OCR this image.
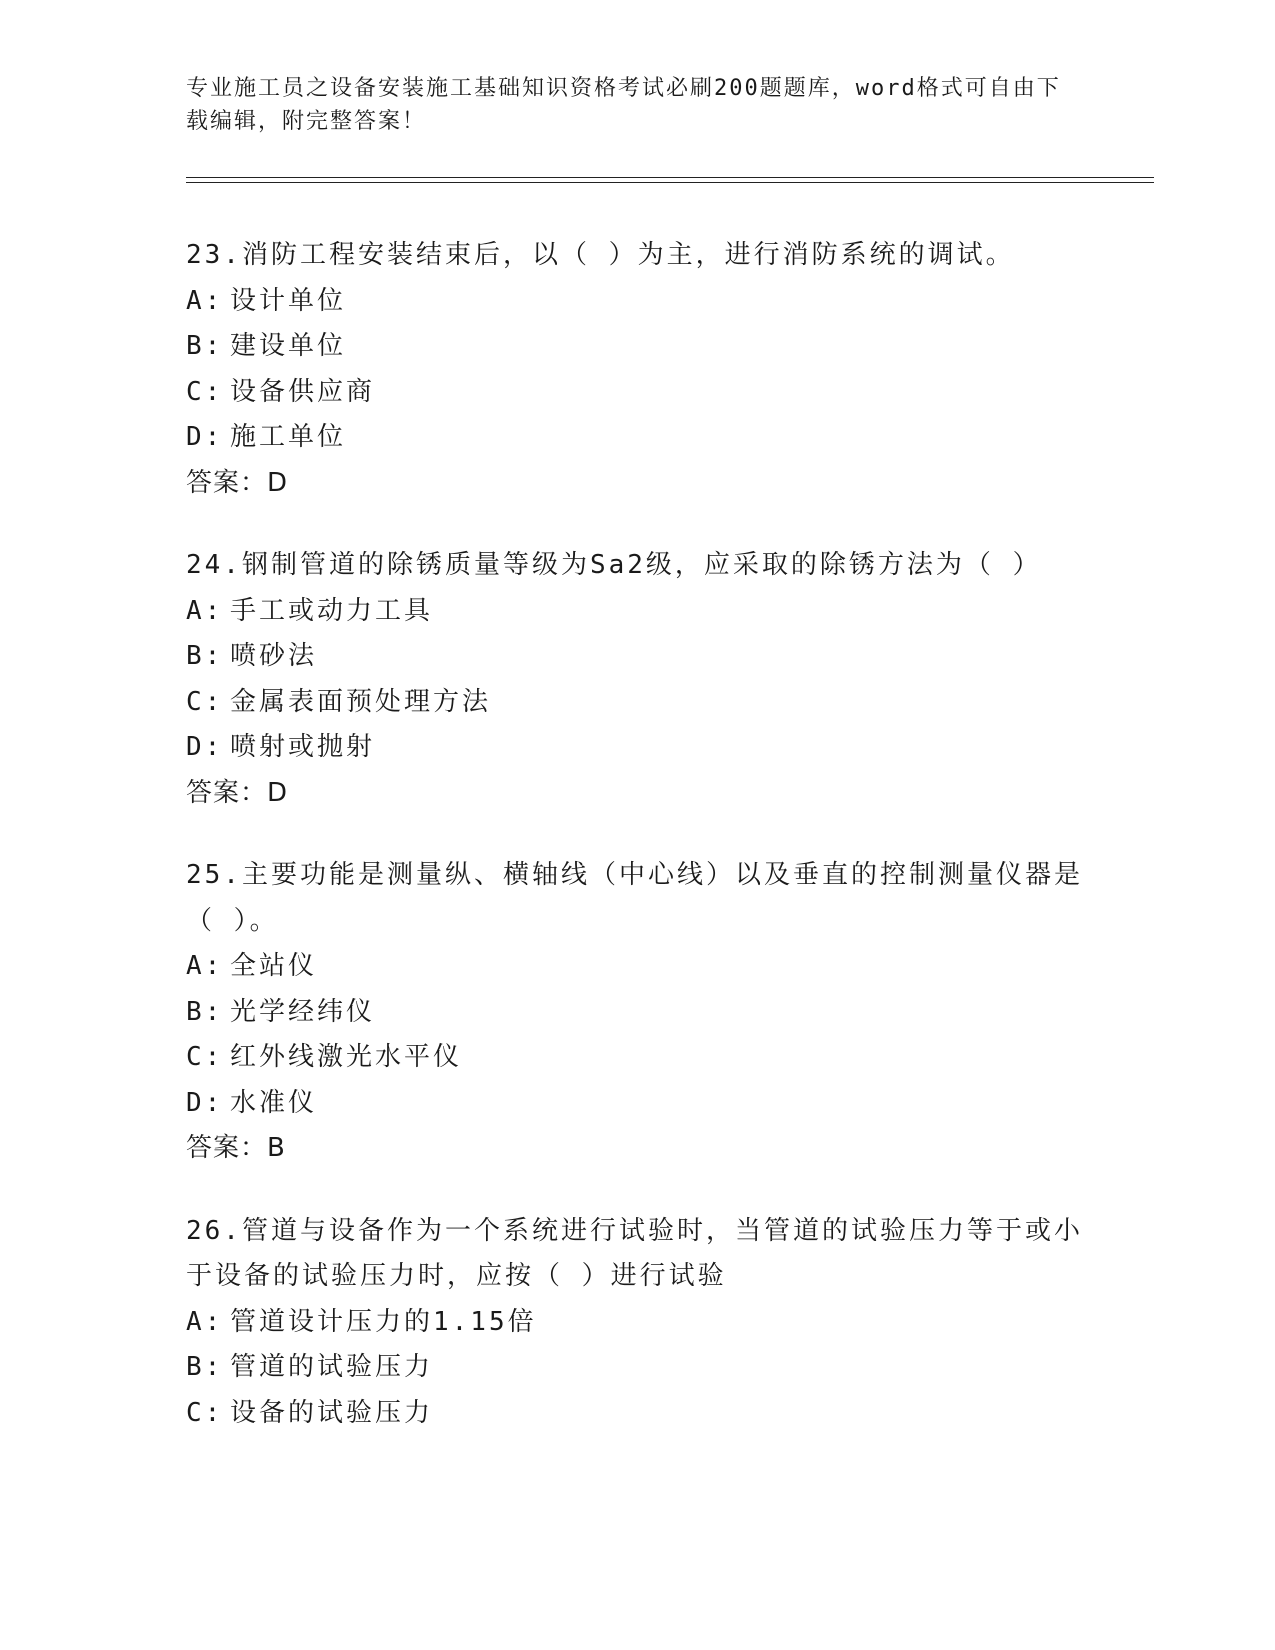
专业施工员之设备安装施工基础知识资格考试必刷200题题库，word格式可自由下载编辑，附完整答案！
23.消防工程安装结束后，以（ ）为主，进行消防系统的调试。
A: 设计单位
B: 建设单位
C: 设备供应商
D: 施工单位
答案：D
24.钢制管道的除锈质量等级为Sa2级，应采取的除锈方法为（ ）
A: 手工或动力工具
B: 喷砂法
C: 金属表面预处理方法
D: 喷射或抛射
答案：D
25.主要功能是测量纵、横轴线（中心线）以及垂直的控制测量仪器是（ ）。
A: 全站仪
B: 光学经纬仪
C: 红外线激光水平仪
D: 水准仪
答案：B
26.管道与设备作为一个系统进行试验时，当管道的试验压力等于或小于设备的试验压力时，应按（ ）进行试验
A: 管道设计压力的1.15倍
B: 管道的试验压力
C: 设备的试验压力
